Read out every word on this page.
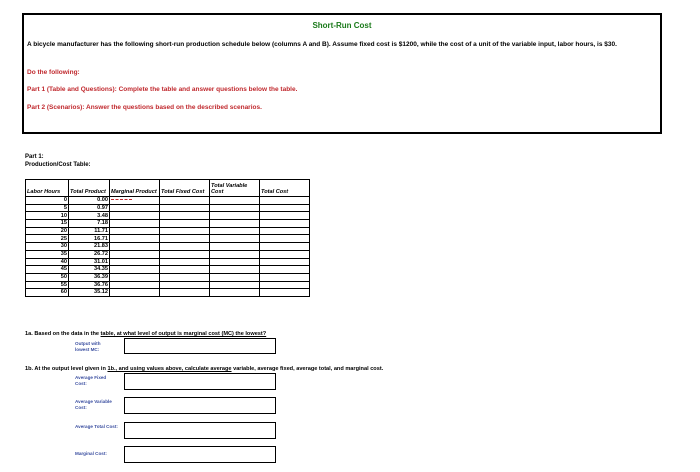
Short-Run Cost
A bicycle manufacturer has the following short-run production schedule below (columns A and B). Assume fixed cost is $1200, while the cost of a unit of the variable input, labor hours, is $30.
Do the following:
Part 1 (Table and Questions): Complete the table and answer questions below the table.
Part 2 (Scenarios): Answer the questions based on the described scenarios.
Part 1:
Production/Cost Table:
Labor Hours	Total Product	Marginal Product	Total Fixed Cost	Total Variable Cost	Total Cost
0	0.00				
5	0.97				
10	3.48				
15	7.18				
20	11.71				
25	16.71				
30	21.83				
35	26.72				
40	31.01				
45	34.35				
50	36.39				
55	36.76				
60	35.12				
1a. Based on the data in the table, at what level of output is marginal cost (MC) the lowest?
Output with lowest MC:
1b. At the output level given in 1b., and using values above, calculate average variable, average fixed, average total, and marginal cost.
Average Fixed Cost:
Average Variable Cost:
Average Total Cost:
Marginal Cost:
